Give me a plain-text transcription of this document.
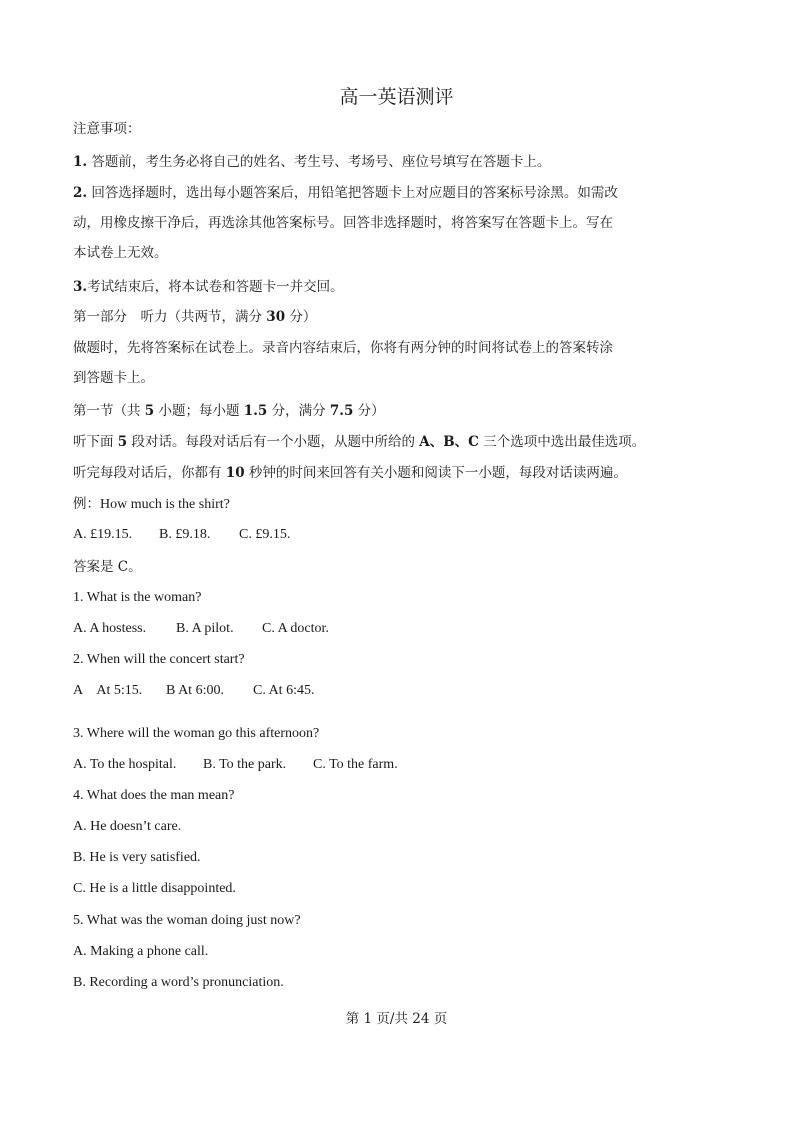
高一英语测评
注意事项：
1. 答题前，考生务必将自己的姓名、考生号、考场号、座位号填写在答题卡上。
2. 回答选择题时，选出每小题答案后，用铅笔把答题卡上对应题目的答案标号涂黑。如需改
动，用橡皮擦干净后，再选涂其他答案标号。回答非选择题时，将答案写在答题卡上。写在
本试卷上无效。
3.考试结束后，将本试卷和答题卡一并交回。
第一部分　听力（共两节，满分 30 分）
做题时，先将答案标在试卷上。录音内容结束后，你将有两分钟的时间将试卷上的答案转涂
到答题卡上。
第一节（共 5 小题；每小题 1.5 分，满分 7.5 分）
听下面 5 段对话。每段对话后有一个小题，从题中所给的 A、B、C 三个选项中选出最佳选项。
听完每段对话后，你都有 10 秒钟的时间来回答有关小题和阅读下一小题，每段对话读两遍。
例：How much is the shirt?
A. £19.15. B. £9.18. C. £9.15.
答案是 C。
1. What is the woman?
A. A hostess. B. A pilot. C. A doctor.
2. When will the concert start?
A　At 5:15. B At 6:00. C. At 6:45.
3. Where will the woman go this afternoon?
A. To the hospital. B. To the park. C. To the farm.
4. What does the man mean?
A. He doesn’t care.
B. He is very satisfied.
C. He is a little disappointed.
5. What was the woman doing just now?
A. Making a phone call.
B. Recording a word’s pronunciation.
第 1 页/共 24 页
